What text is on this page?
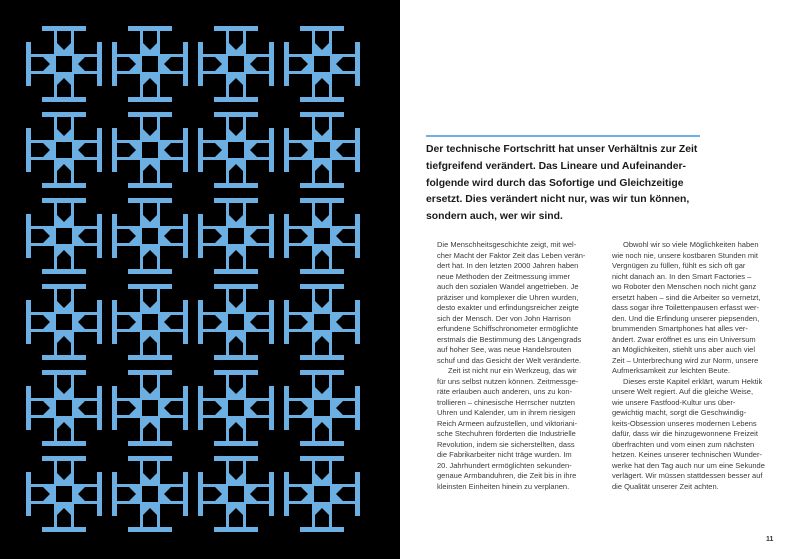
Der technische Fortschritt hat unser Verhältnis zur Zeit
tiefgreifend verändert. Das Lineare und Aufeinander-
folgende wird durch das Sofortige und Gleichzeitige
ersetzt. Dies verändert nicht nur, was wir tun können,
sondern auch, wer wir sind.
Die Menschheitsgeschichte zeigt, mit wel-
cher Macht der Faktor Zeit das Leben verän-
dert hat. In den letzten 2000 Jahren haben
neue Methoden der Zeitmessung immer
auch den sozialen Wandel angetrieben. Je
präziser und komplexer die Uhren wurden,
desto exakter und erfindungsreicher zeigte
sich der Mensch. Der von John Harrison
erfundene Schiffschronometer ermöglichte
erstmals die Bestimmung des Längengrads
auf hoher See, was neue Handelsrouten
schuf und das Gesicht der Welt veränderte.
Zeit ist nicht nur ein Werkzeug, das wir
für uns selbst nutzen können. Zeitmessge-
räte erlauben auch anderen, uns zu kon-
trollieren – chinesische Herrscher nutzten
Uhren und Kalender, um in ihrem riesigen
Reich Armeen aufzustellen, und viktoriani-
sche Stechuhren förderten die Industrielle
Revolution, indem sie sicherstellten, dass
die Fabrikarbeiter nicht träge wurden. Im
20. Jahrhundert ermöglichten sekunden-
genaue Armbanduhren, die Zeit bis in ihre
kleinsten Einheiten hinein zu verplanen.
Obwohl wir so viele Möglichkeiten haben
wie noch nie, unsere kostbaren Stunden mit
Vergnügen zu füllen, fühlt es sich oft gar
nicht danach an. In den Smart Factories –
wo Roboter den Menschen noch nicht ganz
ersetzt haben – sind die Arbeiter so vernetzt,
dass sogar ihre Toilettenpausen erfasst wer-
den. Und die Erfindung unserer piepsenden,
brummenden Smartphones hat alles ver-
ändert. Zwar eröffnet es uns ein Universum
an Möglichkeiten, stiehlt uns aber auch viel
Zeit – Unterbrechung wird zur Norm, unsere
Aufmerksamkeit zur leichten Beute.
Dieses erste Kapitel erklärt, warum Hektik
unsere Welt regiert. Auf die gleiche Weise,
wie unsere Fastfood-Kultur uns über-
gewichtig macht, sorgt die Geschwindig-
keits-Obsession unseres modernen Lebens
dafür, dass wir die hinzugewonnene Freizeit
überfrachten und vom einen zum nächsten
hetzen. Keines unserer technischen Wunder-
werke hat den Tag auch nur um eine Sekunde
verlägert. Wir müssen stattdessen besser auf
die Qualität unserer Zeit achten.
11
